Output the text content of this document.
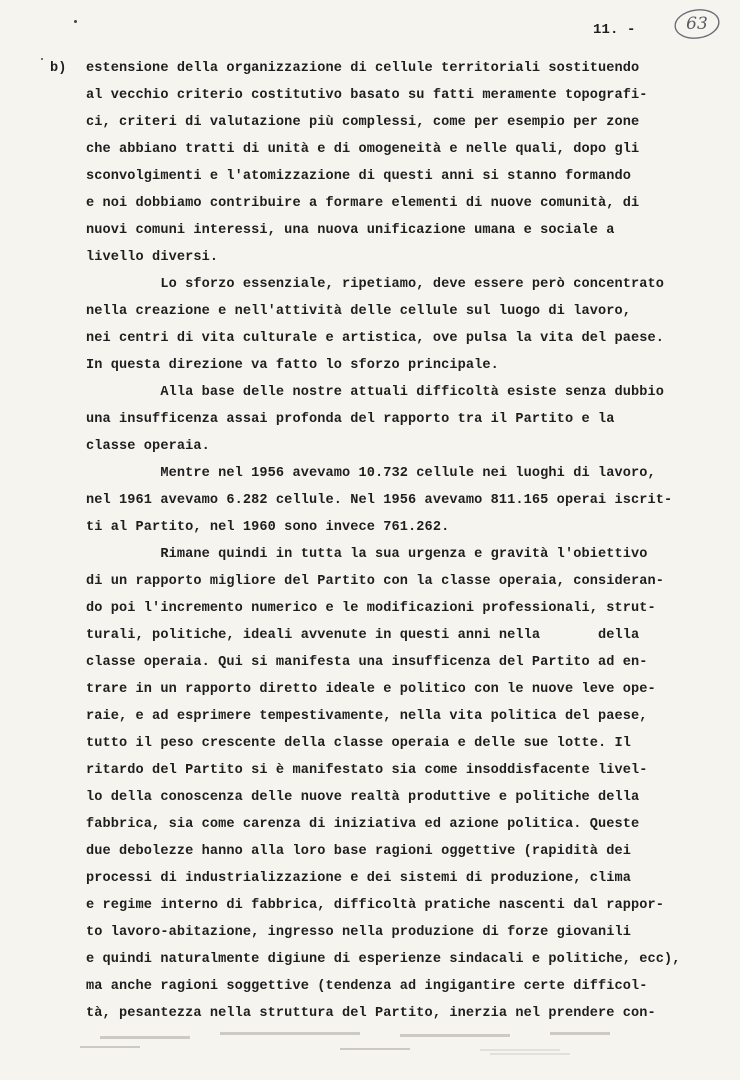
11. -	63
b) estensione della organizzazione di cellule territoriali sostituendo
al vecchio criterio costitutivo basato su fatti meramente topografi-
ci, criteri di valutazione più complessi, come per esempio per zone
che abbiano tratti di unità e di omogeneità e nelle quali, dopo gli
sconvolgimenti e l'atomizzazione di questi anni si stanno formando
e noi dobbiamo contribuire a formare elementi di nuove comunità, di
nuovi comuni interessi, una nuova unificazione umana e sociale a
livello diversi.
Lo sforzo essenziale, ripetiamo, deve essere però concentrato
nella creazione e nell'attività delle cellule sul luogo di lavoro,
nei centri di vita culturale e artistica, ove pulsa la vita del paese.
In questa direzione va fatto lo sforzo principale.
Alla base delle nostre attuali difficoltà esiste senza dubbio
una insufficenza assai profonda del rapporto tra il Partito e la
classe operaia.
Mentre nel 1956 avevamo 10.732 cellule nei luoghi di lavoro,
nel 1961 avevamo 6.282 cellule. Nel 1956 avevamo 811.165 operai iscrit-
ti al Partito, nel 1960 sono invece 761.262.
Rimane quindi in tutta la sua urgenza e gravità l'obiettivo
di un rapporto migliore del Partito con la classe operaia, consideran-
do poi l'incremento numerico e le modificazioni professionali, strut-
turali, politiche, ideali avvenute in questi anni nella       della
classe operaia. Qui si manifesta una insufficenza del Partito ad en-
trare in un rapporto diretto ideale e politico con le nuove leve ope-
raie, e ad esprimere tempestivamente, nella vita politica del paese,
tutto il peso crescente della classe operaia e delle sue lotte. Il
ritardo del Partito si è manifestato sia come insoddisfacente livel-
lo della conoscenza delle nuove realtà produttive e politiche della
fabbrica, sia come carenza di iniziativa ed azione politica. Queste
due debolezze hanno alla loro base ragioni oggettive (rapidità dei
processi di industrializzazione e dei sistemi di produzione, clima
e regime interno di fabbrica, difficoltà pratiche nascenti dal rappor-
to lavoro-abitazione, ingresso nella produzione di forze giovanili
e quindi naturalmente digiune di esperienze sindacali e politiche, ecc),
ma anche ragioni soggettive (tendenza ad ingigantire certe difficol-
tà, pesantezza nella struttura del Partito, inerzia nel prendere con-
